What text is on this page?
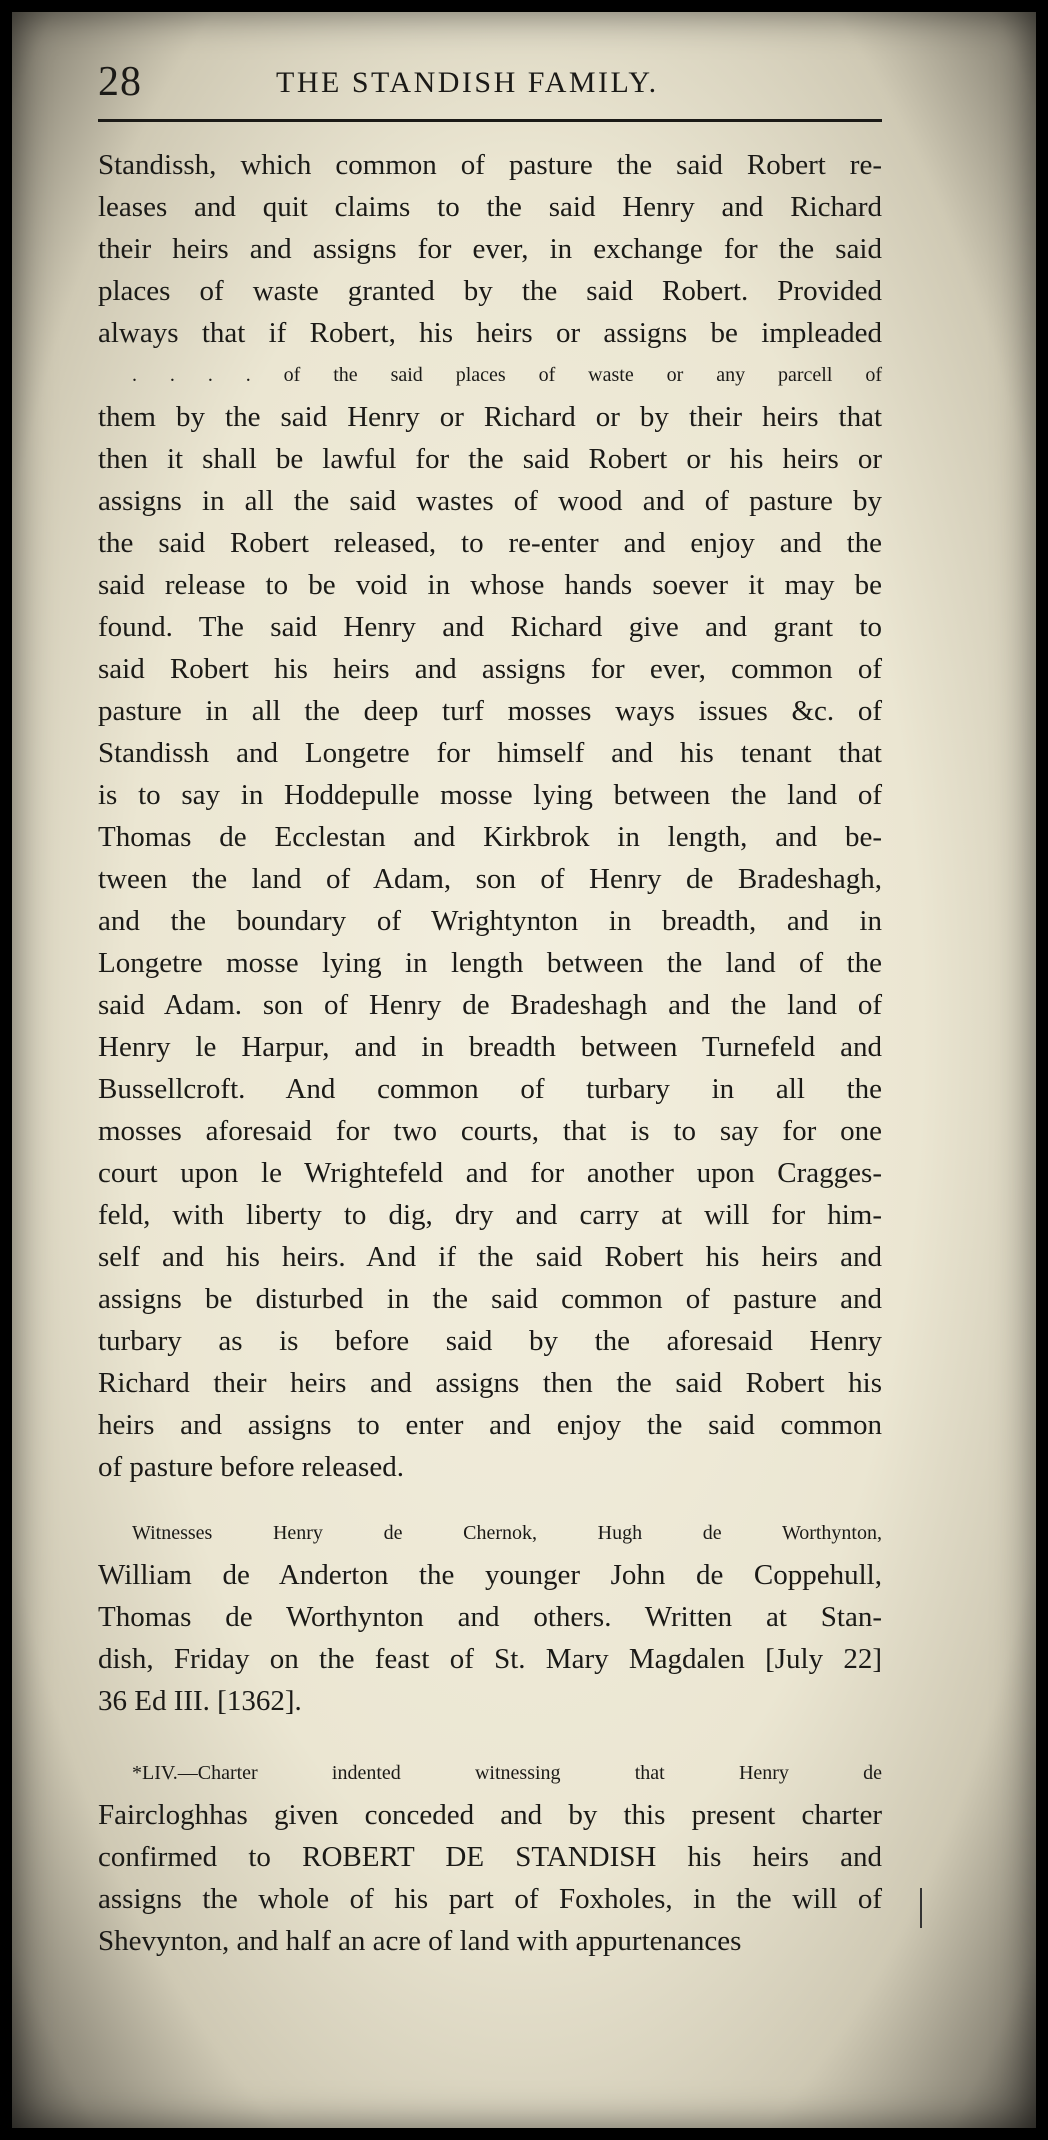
28	THE STANDISH FAMILY.
Standissh, which common of pasture the said Robert re-
leases and quit claims to the said Henry and Richard
their heirs and assigns for ever, in exchange for the said
places of waste granted by the said Robert. Provided
always that if Robert, his heirs or assigns be impleaded
. . . . of the said places of waste or any parcell of
them by the said Henry or Richard or by their heirs that
then it shall be lawful for the said Robert or his heirs or
assigns in all the said wastes of wood and of pasture by
the said Robert released, to re-enter and enjoy and the
said release to be void in whose hands soever it may be
found. The said Henry and Richard give and grant to
said Robert his heirs and assigns for ever, common of
pasture in all the deep turf mosses ways issues &c. of
Standissh and Longetre for himself and his tenant that
is to say in Hoddepulle mosse lying between the land of
Thomas de Ecclestan and Kirkbrok in length, and be-
tween the land of Adam, son of Henry de Bradeshagh,
and the boundary of Wrightynton in breadth, and in
Longetre mosse lying in length between the land of the
said Adam. son of Henry de Bradeshagh and the land of
Henry le Harpur, and in breadth between Turnefeld and
Bussellcroft. And common of turbary in all the
mosses aforesaid for two courts, that is to say for one
court upon le Wrightefeld and for another upon Cragges-
feld, with liberty to dig, dry and carry at will for him-
self and his heirs. And if the said Robert his heirs and
assigns be disturbed in the said common of pasture and
turbary as is before said by the aforesaid Henry
Richard their heirs and assigns then the said Robert his
heirs and assigns to enter and enjoy the said common
of pasture before released.
Witnesses Henry de Chernok, Hugh de Worthynton,
William de Anderton the younger John de Coppehull,
Thomas de Worthynton and others. Written at Stan-
dish, Friday on the feast of St. Mary Magdalen [July 22]
36 Ed III. [1362].
*LIV.—Charter indented witnessing that Henry de
Faircloghhas given conceded and by this present charter
confirmed to ROBERT DE STANDISH his heirs and
assigns the whole of his part of Foxholes, in the will of
Shevynton, and half an acre of land with appurtenances
